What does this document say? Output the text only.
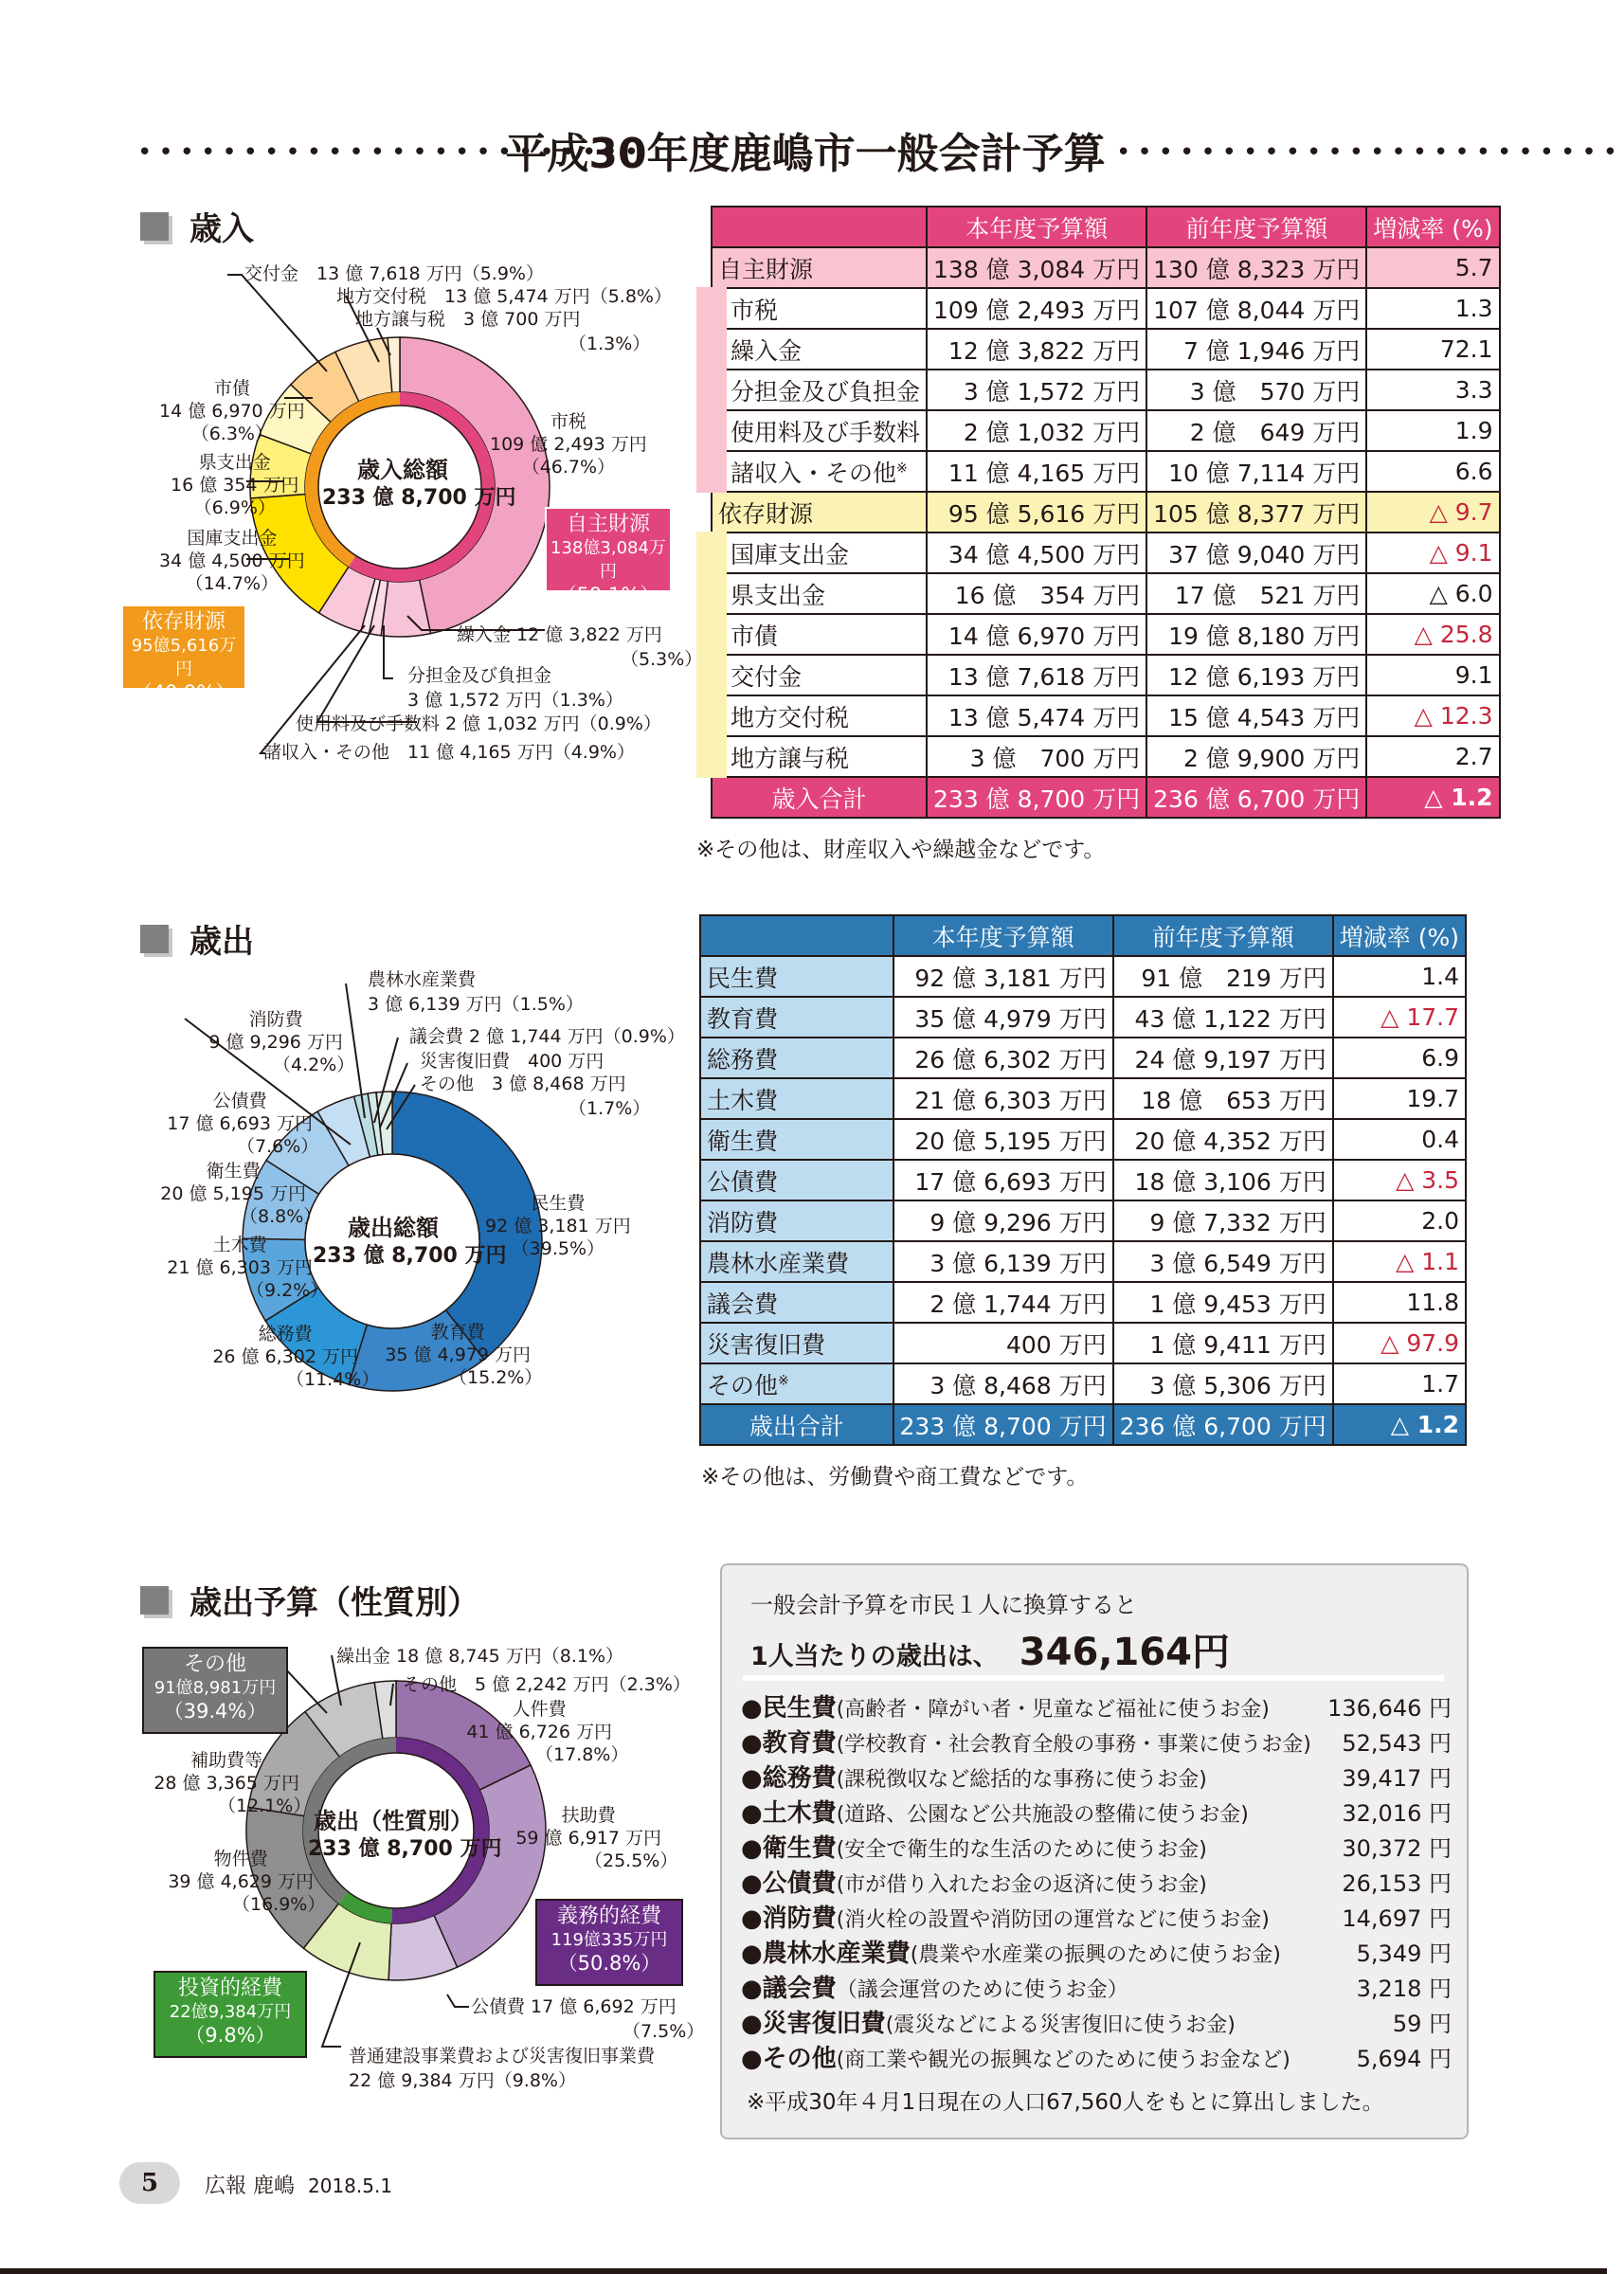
••••••••••••••••••••••••
平成30年度鹿嶋市一般会計予算 ••••••••••••••••••••••••
歳入
交付金　13 億 7,618 万円（5.9%）
地方交付税　13 億 5,474 万円（5.8%）
地方譲与税　3 億 700 万円
（1.3%）
市債
14 億 6,970 万円
（6.3%）
県支出金
16 億 354 万円
（6.9%）
国庫支出金
34 億 4,500 万円
（14.7%）
市税
109 億 2,493 万円
（46.7%）
繰入金 12 億 3,822 万円
（5.3%）
分担金及び負担金
3 億 1,572 万円（1.3%）
使用料及び手数料 2 億 1,032 万円（0.9%）
諸収入・その他　11 億 4,165 万円（4.9%）
歳入総額
233 億 8,700 万円
自主財源
138億3,084万円
（59.1%）
依存財源
95億5,616万円
（40.9%）
	本年度予算額	前年度予算額	増減率 (%)
自主財源	138 億 3,084 万円	130 億 8,323 万円	5.7
市税	109 億 2,493 万円	107 億 8,044 万円	1.3
繰入金	12 億 3,822 万円	7 億 1,946 万円	72.1
分担金及び負担金	3 億 1,572 万円	3 億　570 万円	3.3
使用料及び手数料	2 億 1,032 万円	2 億　649 万円	1.9
諸収入・その他※	11 億 4,165 万円	10 億 7,114 万円	6.6
依存財源	95 億 5,616 万円	105 億 8,377 万円	△ 9.7
国庫支出金	34 億 4,500 万円	37 億 9,040 万円	△ 9.1
県支出金	16 億　354 万円	17 億　521 万円	△ 6.0
市債	14 億 6,970 万円	19 億 8,180 万円	△ 25.8
交付金	13 億 7,618 万円	12 億 6,193 万円	9.1
地方交付税	13 億 5,474 万円	15 億 4,543 万円	△ 12.3
地方譲与税	3 億　700 万円	2 億 9,900 万円	2.7
歳入合計	233 億 8,700 万円	236 億 6,700 万円	△ 1.2
※その他は、財産収入や繰越金などです。
歳出
農林水産業費
3 億 6,139 万円（1.5%）
消防費
9 億 9,296 万円
（4.2%）
議会費 2 億 1,744 万円（0.9%）
災害復旧費　400 万円
その他　3 億 8,468 万円
（1.7%）
公債費
17 億 6,693 万円
（7.6%）
衛生費
20 億 5,195 万円
（8.8%）
土木費
21 億 6,303 万円
（9.2%）
総務費
26 億 6,302 万円
（11.4%）
教育費
35 億 4,979 万円
（15.2%）
民生費
92 億 3,181 万円
（39.5%）
歳出総額
233 億 8,700 万円
	本年度予算額	前年度予算額	増減率 (%)
民生費	92 億 3,181 万円	91 億　219 万円	1.4
教育費	35 億 4,979 万円	43 億 1,122 万円	△ 17.7
総務費	26 億 6,302 万円	24 億 9,197 万円	6.9
土木費	21 億 6,303 万円	18 億　653 万円	19.7
衛生費	20 億 5,195 万円	20 億 4,352 万円	0.4
公債費	17 億 6,693 万円	18 億 3,106 万円	△ 3.5
消防費	9 億 9,296 万円	9 億 7,332 万円	2.0
農林水産業費	3 億 6,139 万円	3 億 6,549 万円	△ 1.1
議会費	2 億 1,744 万円	1 億 9,453 万円	11.8
災害復旧費	400 万円	1 億 9,411 万円	△ 97.9
その他※	3 億 8,468 万円	3 億 5,306 万円	1.7
歳出合計	233 億 8,700 万円	236 億 6,700 万円	△ 1.2
※その他は、労働費や商工費などです。
歳出予算（性質別）
繰出金 18 億 8,745 万円（8.1%）
その他　5 億 2,242 万円（2.3%）
人件費
41 億 6,726 万円
（17.8%）
扶助費
59 億 6,917 万円
（25.5%）
補助費等
28 億 3,365 万円
（12.1%）
物件費
39 億 4,629 万円
（16.9%）
公債費 17 億 6,692 万円
（7.5%）
普通建設事業費および災害復旧事業費
22 億 9,384 万円（9.8%）
歳出（性質別）
233 億 8,700 万円
その他
91億8,981万円
（39.4%）
義務的経費
119億335万円
（50.8%）
投資的経費
22億9,384万円
（9.8%）
一般会計予算を市民１人に換算すると
1人当たりの歳出は、 346,164円
●民生費(高齢者・障がい者・児童など福祉に使うお金)	136,646 円
●教育費(学校教育・社会教育全般の事務・事業に使うお金) 52,543 円
●総務費(課税徴収など総括的な事務に使うお金)	39,417 円
●土木費(道路、公園など公共施設の整備に使うお金)	32,016 円
●衛生費(安全で衛生的な生活のために使うお金)	30,372 円
●公債費(市が借り入れたお金の返済に使うお金)	26,153 円
●消防費(消火栓の設置や消防団の運営などに使うお金)	14,697 円
●農林水産業費(農業や水産業の振興のために使うお金)	5,349 円
●議会費（議会運営のために使うお金）	3,218 円
●災害復旧費(震災などによる災害復旧に使うお金)	59 円
●その他(商工業や観光の振興などのために使うお金など)	5,694 円
※平成30年４月1日現在の人口67,560人をもとに算出しました。
5	広報 鹿嶋 2018.5.1
